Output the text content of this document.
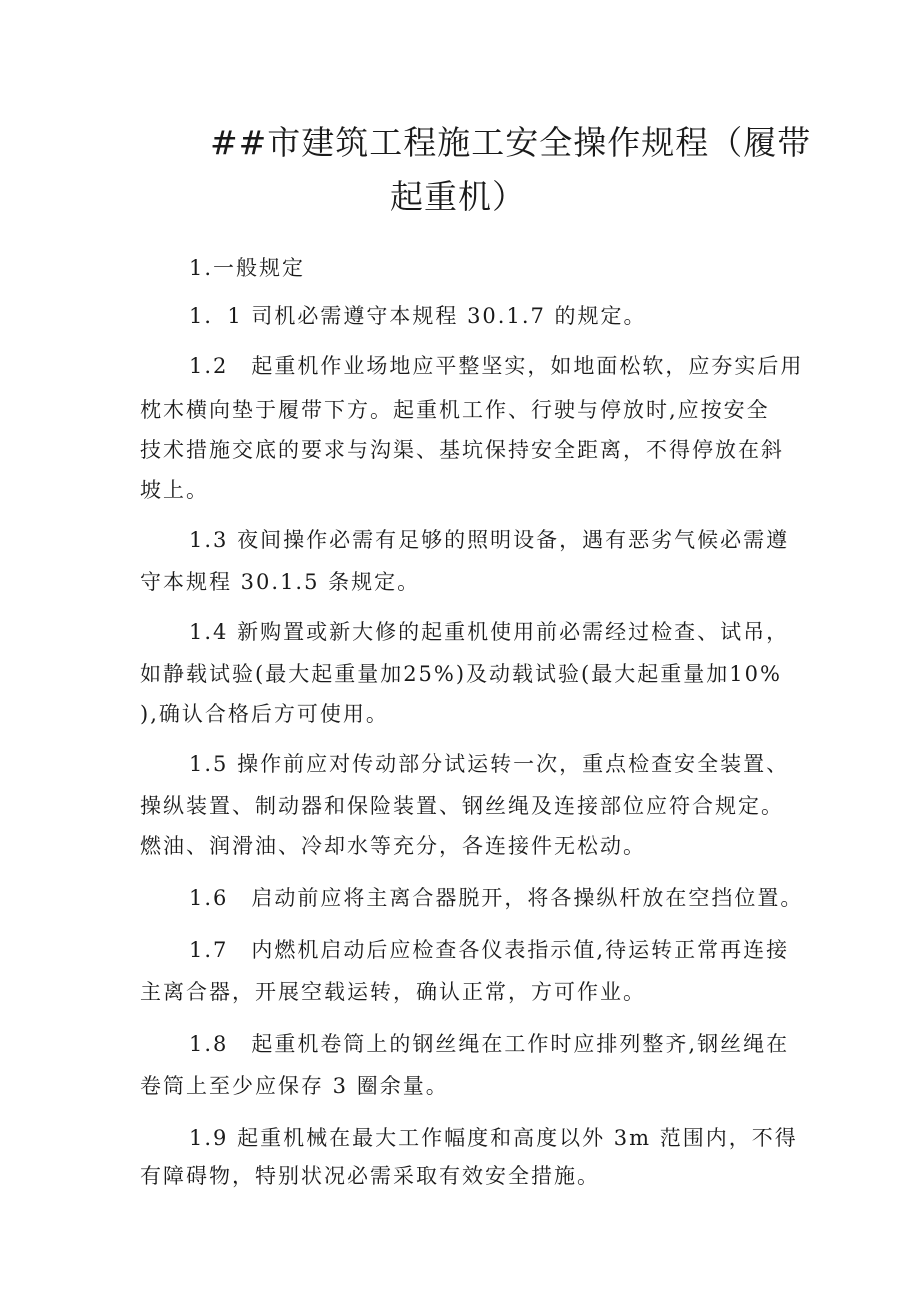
##市建筑工程施工安全操作规程（履带
起重机）
1.一般规定
1．1 司机必需遵守本规程 30.1.7 的规定。
1.2　起重机作业场地应平整坚实，如地面松软，应夯实后用
枕木横向垫于履带下方。起重机工作、行驶与停放时,应按安全
技术措施交底的要求与沟渠、基坑保持安全距离，不得停放在斜
坡上。
1.3 夜间操作必需有足够的照明设备，遇有恶劣气候必需遵
守本规程 30.1.5 条规定。
1.4 新购置或新大修的起重机使用前必需经过检查、试吊，
如静载试验(最大起重量加25%)及动载试验(最大起重量加10%
),确认合格后方可使用。
1.5 操作前应对传动部分试运转一次，重点检查安全装置、
操纵装置、制动器和保险装置、钢丝绳及连接部位应符合规定。
燃油、润滑油、冷却水等充分，各连接件无松动。
1.6　启动前应将主离合器脱开，将各操纵杆放在空挡位置。
1.7　内燃机启动后应检查各仪表指示值,待运转正常再连接
主离合器，开展空载运转，确认正常，方可作业。
1.8　起重机卷筒上的钢丝绳在工作时应排列整齐,钢丝绳在
卷筒上至少应保存 3 圈余量。
1.9 起重机械在最大工作幅度和高度以外 3m 范围内，不得
有障碍物，特别状况必需采取有效安全措施。
